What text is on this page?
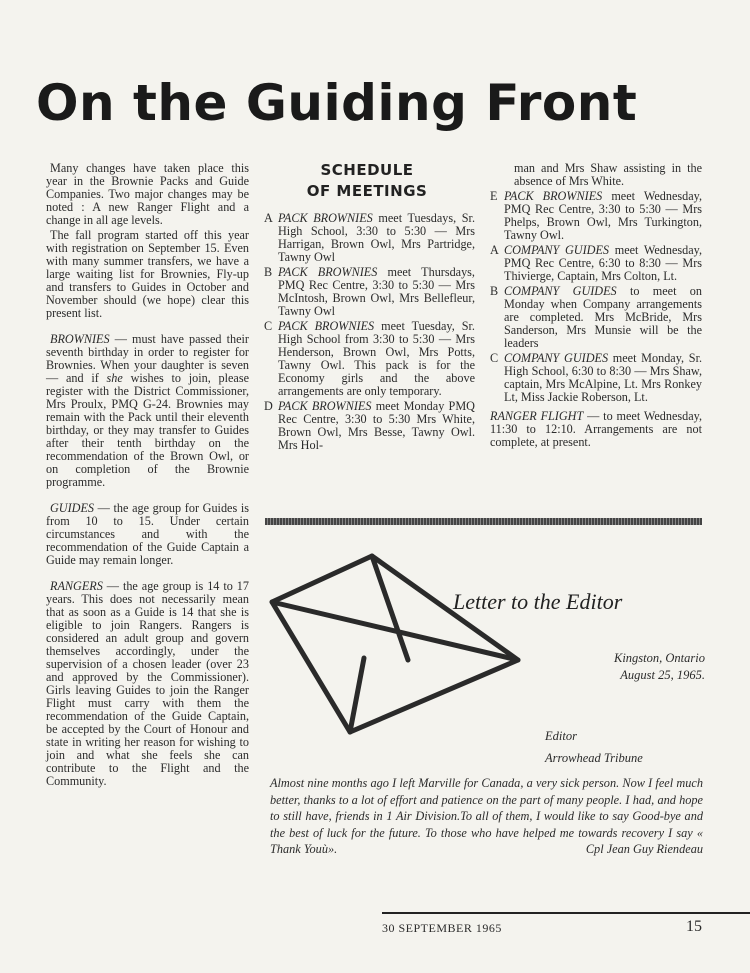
On the Guiding Front

Many changes have taken place this year in the Brownie Packs and Guide Companies. Two major changes may be noted : A new Ranger Flight and a change in all age levels.

The fall program started off this year with registration on September 15. Even with many summer transfers, we have a large waiting list for Brownies, Fly-up and transfers to Guides in October and November should (we hope) clear this present list.

BROWNIES — must have passed their seventh birthday in order to register for Brownies. When your daughter is seven — and if she wishes to join, please register with the District Commissioner, Mrs Proulx, PMQ G-24. Brownies may remain with the Pack until their eleventh birthday, or they may transfer to Guides after their tenth birthday on the recommendation of the Brown Owl, or on completion of the Brownie programme.

GUIDES — the age group for Guides is from 10 to 15. Under certain circumstances and with the recommendation of the Guide Captain a Guide may remain longer.

RANGERS — the age group is 14 to 17 years. This does not necessarily mean that as soon as a Guide is 14 that she is eligible to join Rangers. Rangers is considered an adult group and govern themselves accordingly, under the supervision of a chosen leader (over 23 and approved by the Commissioner). Girls leaving Guides to join the Ranger Flight must carry with them the recommendation of the Guide Captain, be accepted by the Court of Honour and state in writing her reason for wishing to join and what she feels she can contribute to the Flight and the Community.

SCHEDULE
OF MEETINGS
A PACK BROWNIES meet Tuesdays, Sr. High School, 3:30 to 5:30 — Mrs Harrigan, Brown Owl, Mrs Partridge, Tawny Owl
B PACK BROWNIES meet Thursdays, PMQ Rec Centre, 3:30 to 5:30 — Mrs McIntosh, Brown Owl, Mrs Bellefleur, Tawny Owl
C PACK BROWNIES meet Tuesday, Sr. High School from 3:30 to 5:30 — Mrs Henderson, Brown Owl, Mrs Potts, Tawny Owl. This pack is for the Economy girls and the above arrangements are only temporary.
D PACK BROWNIES meet Monday PMQ Rec Centre, 3:30 to 5:30 Mrs White, Brown Owl, Mrs Besse, Tawny Owl. Mrs Hol-

man and Mrs Shaw assisting in the absence of Mrs White.

E PACK BROWNIES meet Wednesday, PMQ Rec Centre, 3:30 to 5:30 — Mrs Phelps, Brown Owl, Mrs Turkington, Tawny Owl.
A COMPANY GUIDES meet Wednesday, PMQ Rec Centre, 6:30 to 8:30 — Mrs Thivierge, Captain, Mrs Colton, Lt.
B COMPANY GUIDES to meet on Monday when Company arrangements are completed. Mrs McBride, Mrs Sanderson, Mrs Munsie will be the leaders
C COMPANY GUIDES meet Monday, Sr. High School, 6:30 to 8:30 — Mrs Shaw, captain, Mrs McAlpine, Lt. Mrs Ronkey Lt, Miss Jackie Roberson, Lt.

RANGER FLIGHT — to meet Wednesday, 11:30 to 12:10. Arrangements are not complete, at present.

Letter to the Editor
Kingston, Ontario
August 25, 1965.
Editor
Arrowhead Tribune
Almost nine months ago I left Marville for Canada, a very sick person. Now I feel much better, thanks to a lot of effort and patience on the part of many people. I had, and hope to still have, friends in 1 Air Division.To all of them, I would like to say Good-bye and the best of luck for the future. To those who have helped me towards recovery I say « Thank Youù».	Cpl Jean Guy Riendeau
30 SEPTEMBER 1965	15
